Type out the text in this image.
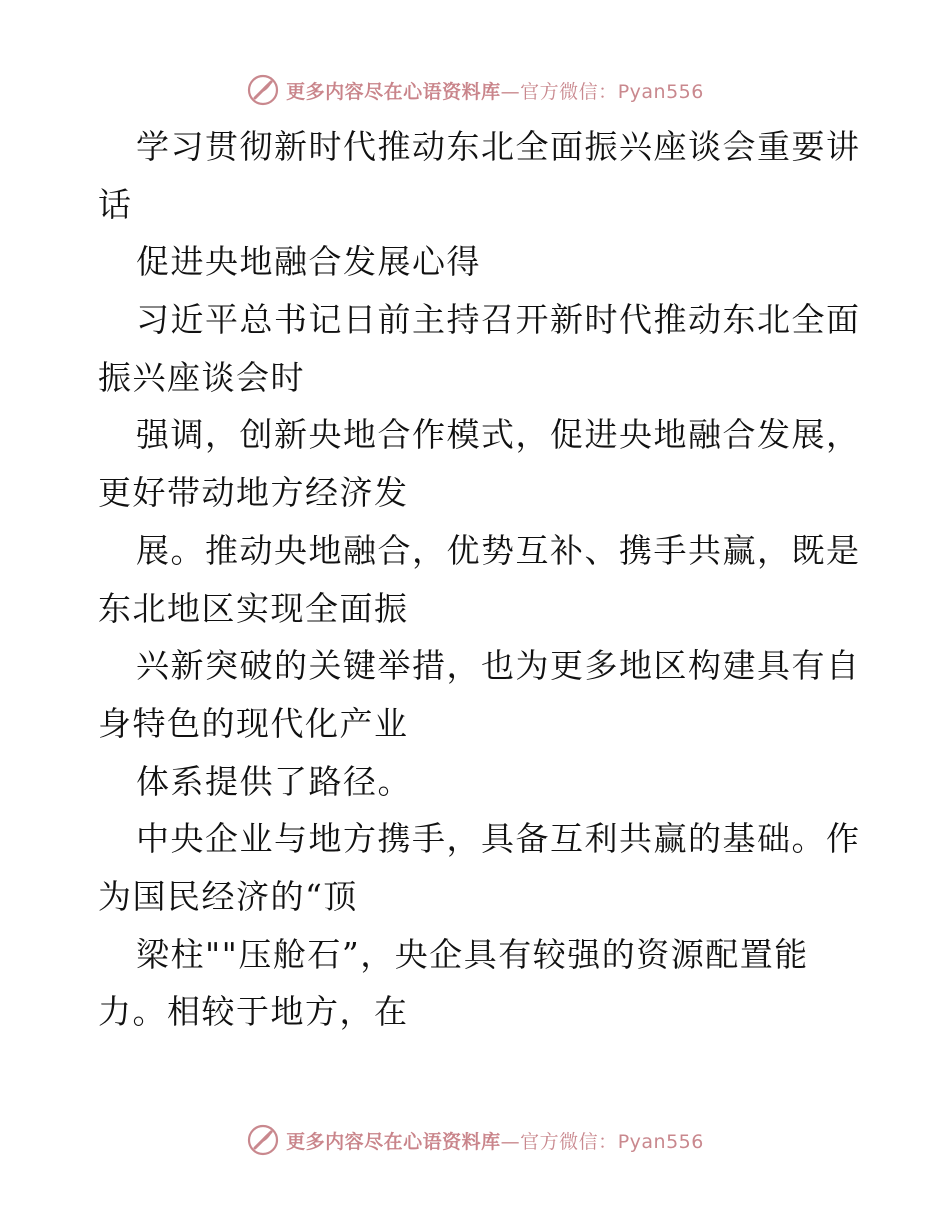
更多内容尽在心语资料库—官方微信：Pyan556
学习贯彻新时代推动东北全面振兴座谈会重要讲
话
促进央地融合发展心得
习近平总书记日前主持召开新时代推动东北全面
振兴座谈会时
强调，创新央地合作模式，促进央地融合发展，
更好带动地方经济发
展。推动央地融合，优势互补、携手共赢，既是
东北地区实现全面振
兴新突破的关键举措，也为更多地区构建具有自
身特色的现代化产业
体系提供了路径。
中央企业与地方携手，具备互利共赢的基础。作
为国民经济的“顶
梁柱""压舱石”，央企具有较强的资源配置能
力。相较于地方，在
更多内容尽在心语资料库—官方微信：Pyan556
